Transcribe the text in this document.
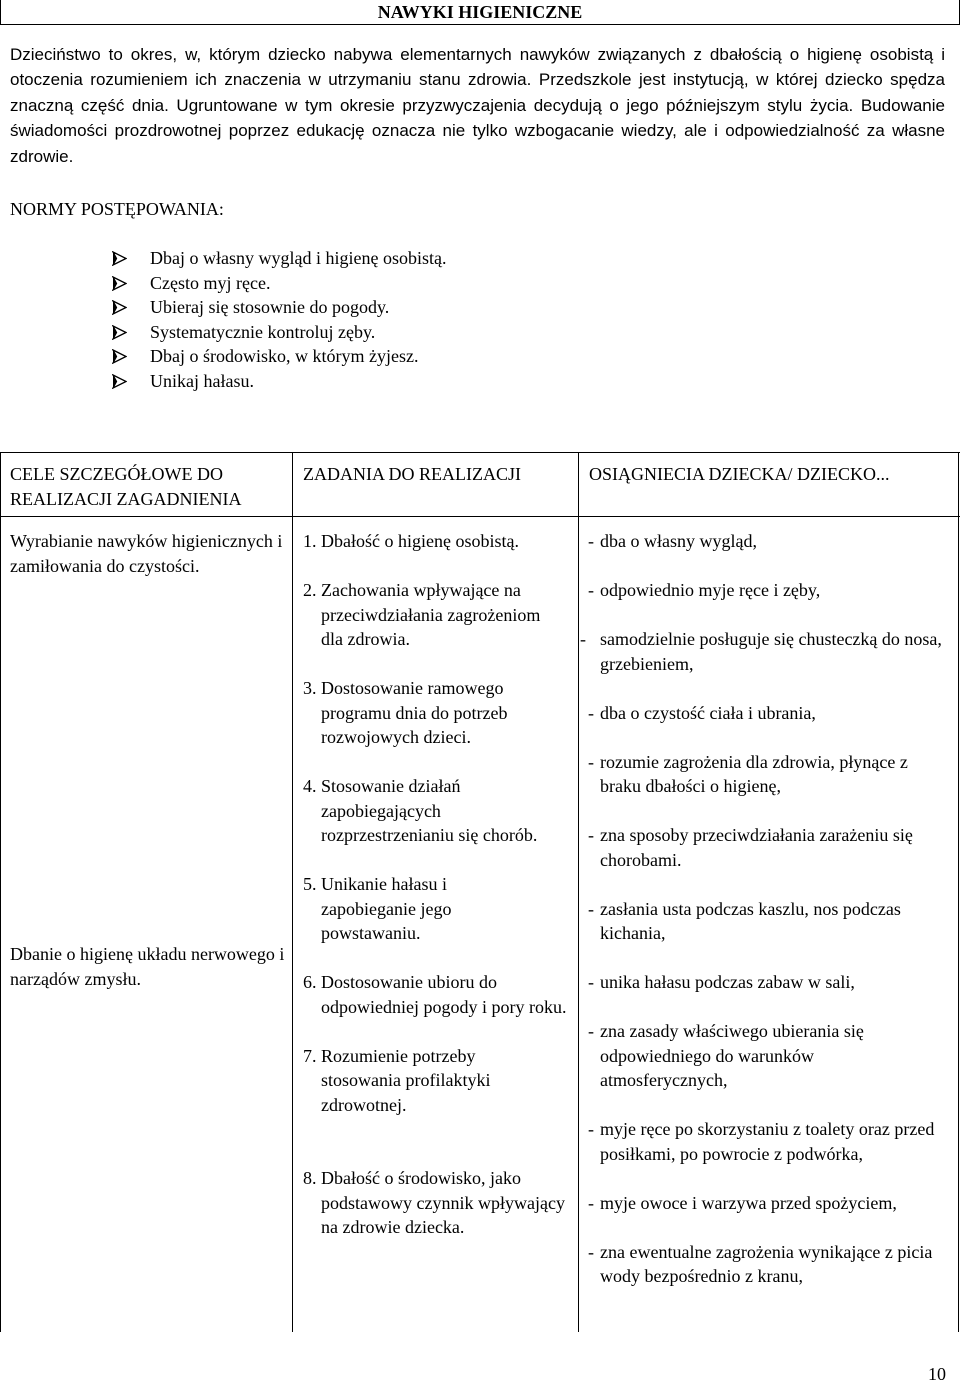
NAWYKI HIGIENICZNE

Dzieciństwo to okres, w, którym dziecko nabywa elementarnych nawyków związanych z dbałością o higienę osobistą i otoczenia rozumieniem ich znaczenia w utrzymaniu stanu zdrowia. Przedszkole jest instytucją, w której dziecko spędza znaczną część dnia. Ugruntowane w tym okresie przyzwyczajenia decydują o jego późniejszym stylu życia. Budowanie świadomości prozdrowotnej poprzez edukację oznacza nie tylko wzbogacanie wiedzy, ale i odpowiedzialność za własne zdrowie.

NORMY POSTĘPOWANIA:

Dbaj o własny wygląd i higienę osobistą.
Często myj ręce.
Ubieraj się stosownie do pogody.
Systematycznie kontroluj zęby.
Dbaj o środowisko, w którym żyjesz.
Unikaj hałasu.
CELE SZCZEGÓŁOWE DO REALIZACJI ZAGADNIENIA
ZADANIA DO REALIZACJI	OSIĄGNIECIA DZIECKA/ DZIECKO...
Wyrabianie nawyków higienicznych i zamiłowania do czystości.
Dbanie o higienę układu nerwowego i narządów zmysłu.
1. Dbałość o higienę osobistą.
2. Zachowania wpływające na przeciwdziałania zagrożeniom dla zdrowia.
3. Dostosowanie ramowego programu dnia do potrzeb rozwojowych dzieci.
4. Stosowanie działań zapobiegających rozprzestrzenianiu się chorób.
5. Unikanie hałasu i zapobieganie jego powstawaniu.
6. Dostosowanie ubioru do odpowiedniej pogody i pory roku.
7. Rozumienie potrzeby stosowania profilaktyki zdrowotnej.
8. Dbałość o środowisko, jako podstawowy czynnik wpływający na zdrowie dziecka.
- dba o własny wygląd,
- odpowiednio myje ręce i zęby,
- samodzielnie posługuje się chusteczką do nosa, grzebieniem,
- dba o czystość ciała i ubrania,
- rozumie zagrożenia dla zdrowia, płynące z braku dbałości o higienę,
- zna sposoby przeciwdziałania zarażeniu się chorobami.
- zasłania usta podczas kaszlu, nos podczas kichania,
- unika hałasu podczas zabaw w sali,
- zna zasady właściwego ubierania się odpowiedniego do warunków atmosferycznych,
- myje ręce po skorzystaniu z toalety oraz przed posiłkami, po powrocie z podwórka,
- myje owoce i warzywa przed spożyciem,
- zna ewentualne zagrożenia wynikające z picia wody bezpośrednio z kranu,
10
